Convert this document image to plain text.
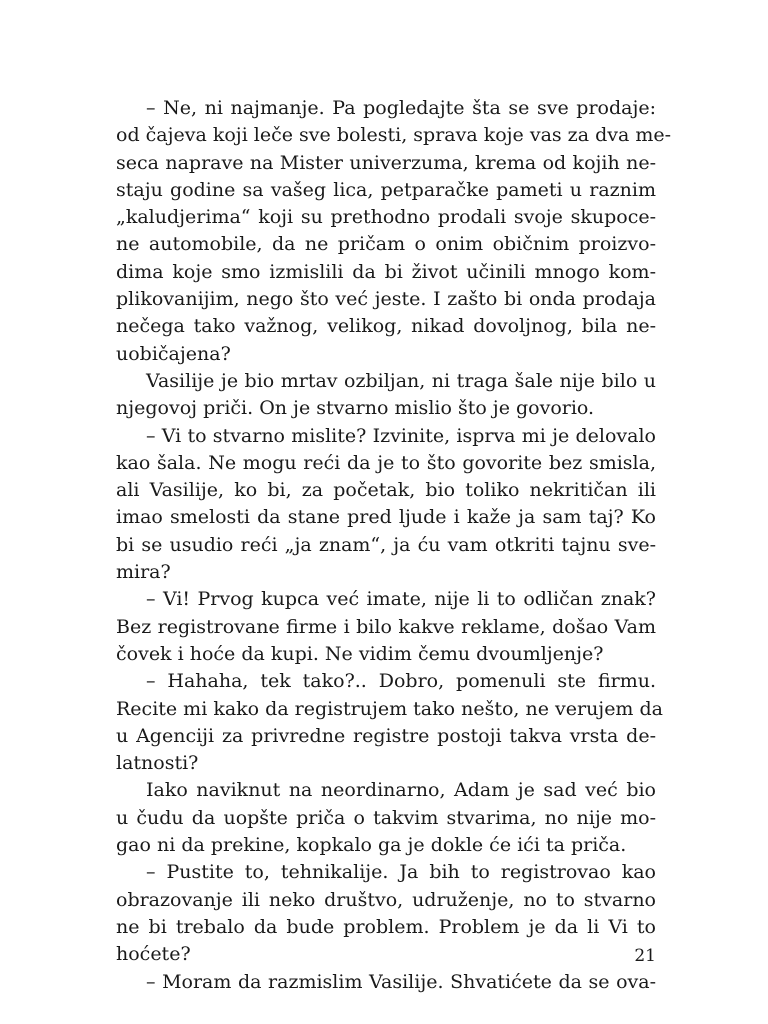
– Ne, ni najmanje. Pa pogledajte šta se sve prodaje:
od čajeva koji leče sve bolesti, sprava koje vas za dva me-
seca naprave na Mister univerzuma, krema od kojih ne-
staju godine sa vašeg lica, petparačke pameti u raznim
„kaludjerima“ koji su prethodno prodali svoje skupoce-
ne automobile, da ne pričam o onim običnim proizvo-
dima koje smo izmislili da bi život učinili mnogo kom-
plikovanijim, nego što već jeste. I zašto bi onda prodaja
nečega tako važnog, velikog, nikad dovoljnog, bila ne-
uobičajena?
Vasilije je bio mrtav ozbiljan, ni traga šale nije bilo u
njegovoj priči. On je stvarno mislio što je govorio.
– Vi to stvarno mislite? Izvinite, isprva mi je delovalo
kao šala. Ne mogu reći da je to što govorite bez smisla,
ali Vasilije, ko bi, za početak, bio toliko nekritičan ili
imao smelosti da stane pred ljude i kaže ja sam taj? Ko
bi se usudio reći „ja znam“, ja ću vam otkriti tajnu sve-
mira?
– Vi! Prvog kupca već imate, nije li to odličan znak?
Bez registrovane firme i bilo kakve reklame, došao Vam
čovek i hoće da kupi. Ne vidim čemu dvoumljenje?
– Hahaha, tek tako?.. Dobro, pomenuli ste firmu.
Recite mi kako da registrujem tako nešto, ne verujem da
u Agenciji za privredne registre postoji takva vrsta de-
latnosti?
Iako naviknut na neordinarno, Adam je sad već bio
u čudu da uopšte priča o takvim stvarima, no nije mo-
gao ni da prekine, kopkalo ga je dokle će ići ta priča.
– Pustite to, tehnikalije. Ja bih to registrovao kao
obrazovanje ili neko društvo, udruženje, no to stvarno
ne bi trebalo da bude problem. Problem je da li Vi to
hoćete?
– Moram da razmislim Vasilije. Shvatićete da se ova-
21
